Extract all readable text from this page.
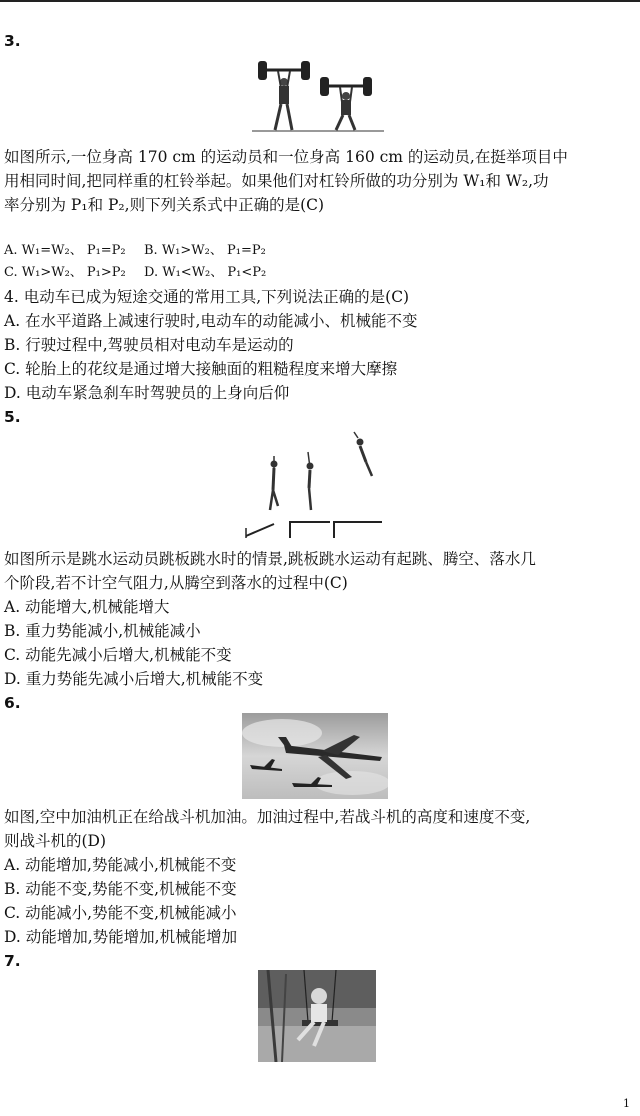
3.
如图所示,一位身高 170 cm 的运动员和一位身高 160 cm 的运动员,在挺举项目中
用相同时间,把同样重的杠铃举起。如果他们对杠铃所做的功分别为 W₁和 W₂,功
率分别为 P₁和 P₂,则下列关系式中正确的是(C)
A. W₁=W₂、 P₁=P₂ B. W₁>W₂、 P₁=P₂
C. W₁>W₂、 P₁>P₂ D. W₁<W₂、 P₁<P₂
4. 电动车已成为短途交通的常用工具,下列说法正确的是(C)
A. 在水平道路上减速行驶时,电动车的动能减小、机械能不变
B. 行驶过程中,驾驶员相对电动车是运动的
C. 轮胎上的花纹是通过增大接触面的粗糙程度来增大摩擦
D. 电动车紧急刹车时驾驶员的上身向后仰
5.
如图所示是跳水运动员跳板跳水时的情景,跳板跳水运动有起跳、腾空、落水几
个阶段,若不计空气阻力,从腾空到落水的过程中(C)
A. 动能增大,机械能增大
B. 重力势能减小,机械能减小
C. 动能先减小后增大,机械能不变
D. 重力势能先减小后增大,机械能不变
6.
如图,空中加油机正在给战斗机加油。加油过程中,若战斗机的高度和速度不变,
则战斗机的(D)
A. 动能增加,势能减小,机械能不变
B. 动能不变,势能不变,机械能不变
C. 动能减小,势能不变,机械能减小
D. 动能增加,势能增加,机械能增加
7.
1
